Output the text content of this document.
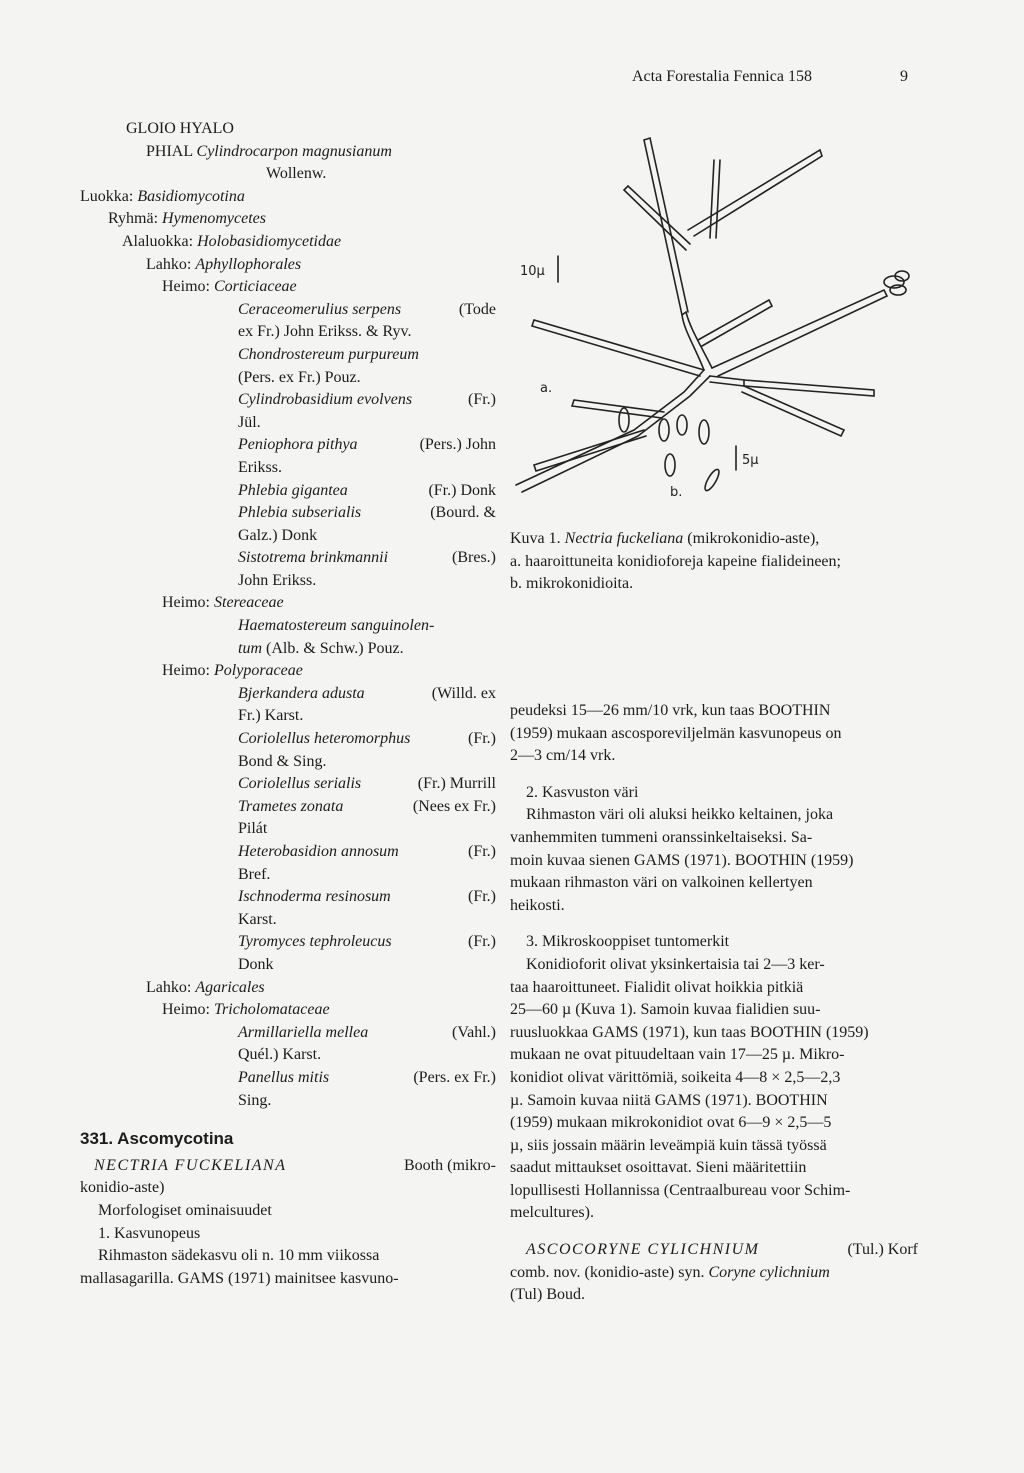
Acta Forestalia Fennica 158	9
GLOIO HYALO
PHIAL Cylindrocarpon magnusianum
Wollenw.
Luokka: Basidiomycotina
Ryhmä: Hymenomycetes
Alaluokka: Holobasidiomycetidae
Lahko: Aphyllophorales
Heimo: Corticiaceae
Ceraceomerulius serpens	(Tode
ex Fr.) John Erikss. & Ryv.
Chondrostereum purpureum
(Pers. ex Fr.) Pouz.
Cylindrobasidium evolvens	(Fr.)
Jül.
Peniophora pithya	(Pers.) John
Erikss.
Phlebia gigantea	(Fr.) Donk
Phlebia subserialis	(Bourd. &
Galz.) Donk
Sistotrema brinkmannii	(Bres.)
John Erikss.
Heimo: Stereaceae
Haematostereum sanguinolen-
tum (Alb. & Schw.) Pouz.
Heimo: Polyporaceae
Bjerkandera adusta	(Willd. ex
Fr.) Karst.
Coriolellus heteromorphus	(Fr.)
Bond & Sing.
Coriolellus serialis	(Fr.) Murrill
Trametes zonata	(Nees ex Fr.)
Pilát
Heterobasidion annosum	(Fr.)
Bref.
Ischnoderma resinosum	(Fr.)
Karst.
Tyromyces tephroleucus	(Fr.)
Donk
Lahko: Agaricales
Heimo: Tricholomataceae
Armillariella mellea	(Vahl.)
Quél.) Karst.
Panellus mitis	(Pers. ex Fr.)
Sing.
331. Ascomycotina
NECTRIA FUCKELIANA	Booth (mikro-
konidio-aste)
Morfologiset ominaisuudet
1. Kasvunopeus
Rihmaston sädekasvu oli n. 10 mm viikossa
mallasagarilla. GAMS (1971) mainitsee kasvuno-
10µ
5µ
a.
b.
Kuva 1. Nectria fuckeliana (mikrokonidio-aste),
a. haaroittuneita konidioforeja kapeine fialideineen;
b. mikrokonidioita.
peudeksi 15—26 mm/10 vrk, kun taas BOOTHIN
(1959) mukaan ascosporeviljelmän kasvunopeus on
2—3 cm/14 vrk.
2. Kasvuston väri
Rihmaston väri oli aluksi heikko keltainen, joka
vanhemmiten tummeni oranssinkeltaiseksi. Sa-
moin kuvaa sienen GAMS (1971). BOOTHIN (1959)
mukaan rihmaston väri on valkoinen kellertyen
heikosti.
3. Mikroskooppiset tuntomerkit
Konidioforit olivat yksinkertaisia tai 2—3 ker-
taa haaroittuneet. Fialidit olivat hoikkia pitkiä
25—60 µ (Kuva 1). Samoin kuvaa fialidien suu-
ruusluokkaa GAMS (1971), kun taas BOOTHIN (1959)
mukaan ne ovat pituudeltaan vain 17—25 µ. Mikro-
konidiot olivat värittömiä, soikeita 4—8 × 2,5—2,3
µ. Samoin kuvaa niitä GAMS (1971). BOOTHIN
(1959) mukaan mikrokonidiot ovat 6—9 × 2,5—5
µ, siis jossain määrin leveämpiä kuin tässä työssä
saadut mittaukset osoittavat. Sieni määritettiin
lopullisesti Hollannissa (Centraalbureau voor Schim-
melcultures).
ASCOCORYNE CYLICHNIUM	(Tul.) Korf
comb. nov. (konidio-aste) syn. Coryne cylichnium
(Tul) Boud.
